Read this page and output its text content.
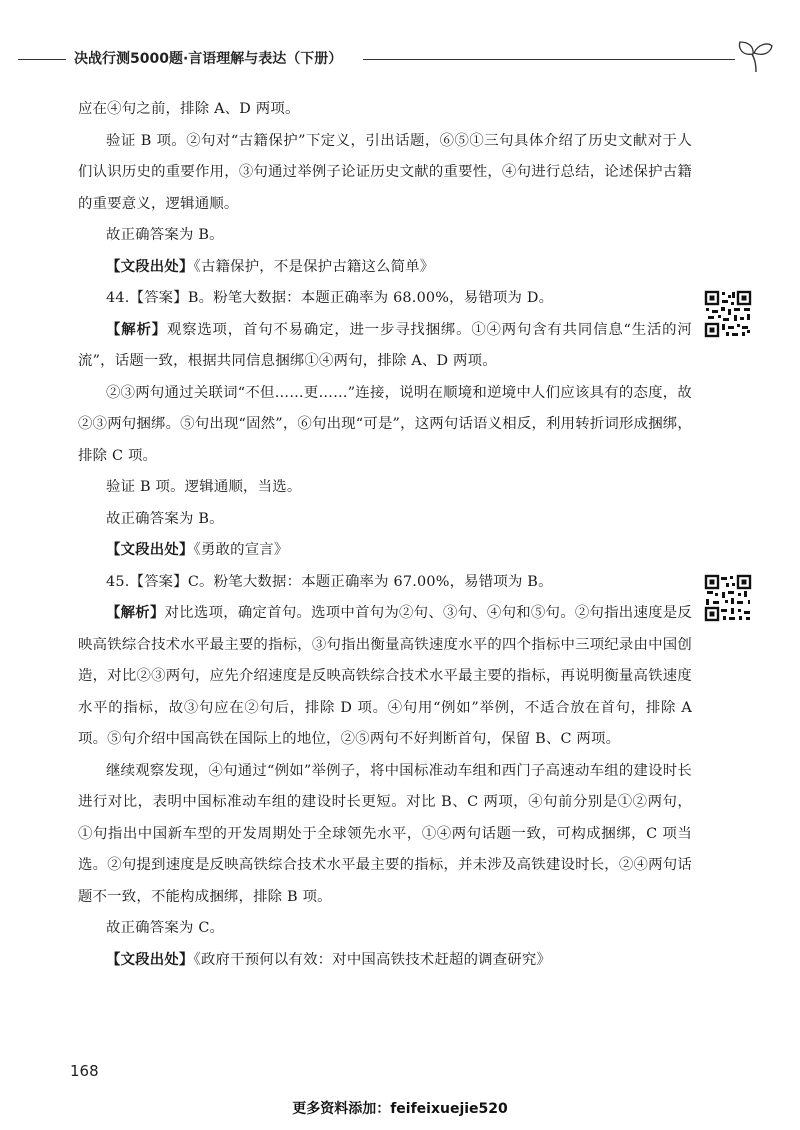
决战行测5000题·言语理解与表达（下册）

应在④句之前，排除 A、D 两项。

验证 B 项。②句对“古籍保护”下定义，引出话题，⑥⑤①三句具体介绍了历史文献对于人们认识历史的重要作用，③句通过举例子论证历史文献的重要性，④句进行总结，论述保护古籍的重要意义，逻辑通顺。

故正确答案为 B。

【文段出处】《古籍保护，不是保护古籍这么简单》

44.【答案】B。粉笔大数据：本题正确率为 68.00%，易错项为 D。

【解析】观察选项，首句不易确定，进一步寻找捆绑。①④两句含有共同信息“生活的河流”，话题一致，根据共同信息捆绑①④两句，排除 A、D 两项。

②③两句通过关联词“不但……更……”连接，说明在顺境和逆境中人们应该具有的态度，故②③两句捆绑。⑤句出现“固然”，⑥句出现“可是”，这两句话语义相反，利用转折词形成捆绑，排除 C 项。

验证 B 项。逻辑通顺，当选。

故正确答案为 B。

【文段出处】《勇敢的宣言》

45.【答案】C。粉笔大数据：本题正确率为 67.00%，易错项为 B。

【解析】对比选项，确定首句。选项中首句为②句、③句、④句和⑤句。②句指出速度是反映高铁综合技术水平最主要的指标，③句指出衡量高铁速度水平的四个指标中三项纪录由中国创造，对比②③两句，应先介绍速度是反映高铁综合技术水平最主要的指标，再说明衡量高铁速度水平的指标，故③句应在②句后，排除 D 项。④句用“例如”举例，不适合放在首句，排除 A 项。⑤句介绍中国高铁在国际上的地位，②⑤两句不好判断首句，保留 B、C 两项。

继续观察发现，④句通过“例如”举例子，将中国标准动车组和西门子高速动车组的建设时长进行对比，表明中国标准动车组的建设时长更短。对比 B、C 两项，④句前分别是①②两句，①句指出中国新车型的开发周期处于全球领先水平，①④两句话题一致，可构成捆绑，C 项当选。②句提到速度是反映高铁综合技术水平最主要的指标，并未涉及高铁建设时长，②④两句话题不一致，不能构成捆绑，排除 B 项。

故正确答案为 C。

【文段出处】《政府干预何以有效：对中国高铁技术赶超的调查研究》

168
更多资料添加：feifeixuejie520
